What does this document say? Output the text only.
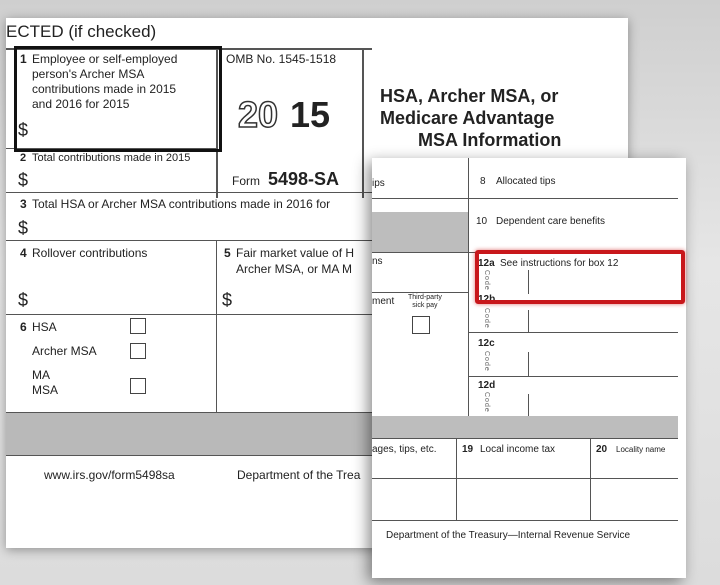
ECTED (if checked)
1 Employee or self-employed
person's Archer MSA
contributions made in 2015
and 2016 for 2015
$
OMB No. 1545-1518
20 15
Form 5498-SA
HSA, Archer MSA, or
Medicare Advantage
MSA Information
2 Total contributions made in 2015
$
3 Total HSA or Archer MSA contributions made in 2016 for
$
4 Rollover contributions
$
5 Fair market value of H
Archer MSA, or MA M
$
6 HSA
Archer MSA
MA
MSA
www.irs.gov/form5498sa	Department of the Trea
ips	8 Allocated tips
10 Dependent care benefits
ns
ment Third-party
sick pay
12a See instructions for box 12
Code
12b
Code
12c
Code
12d
Code
ages, tips, etc.	19 Local income tax	20 Locality name
Department of the Treasury—Internal Revenue Service
